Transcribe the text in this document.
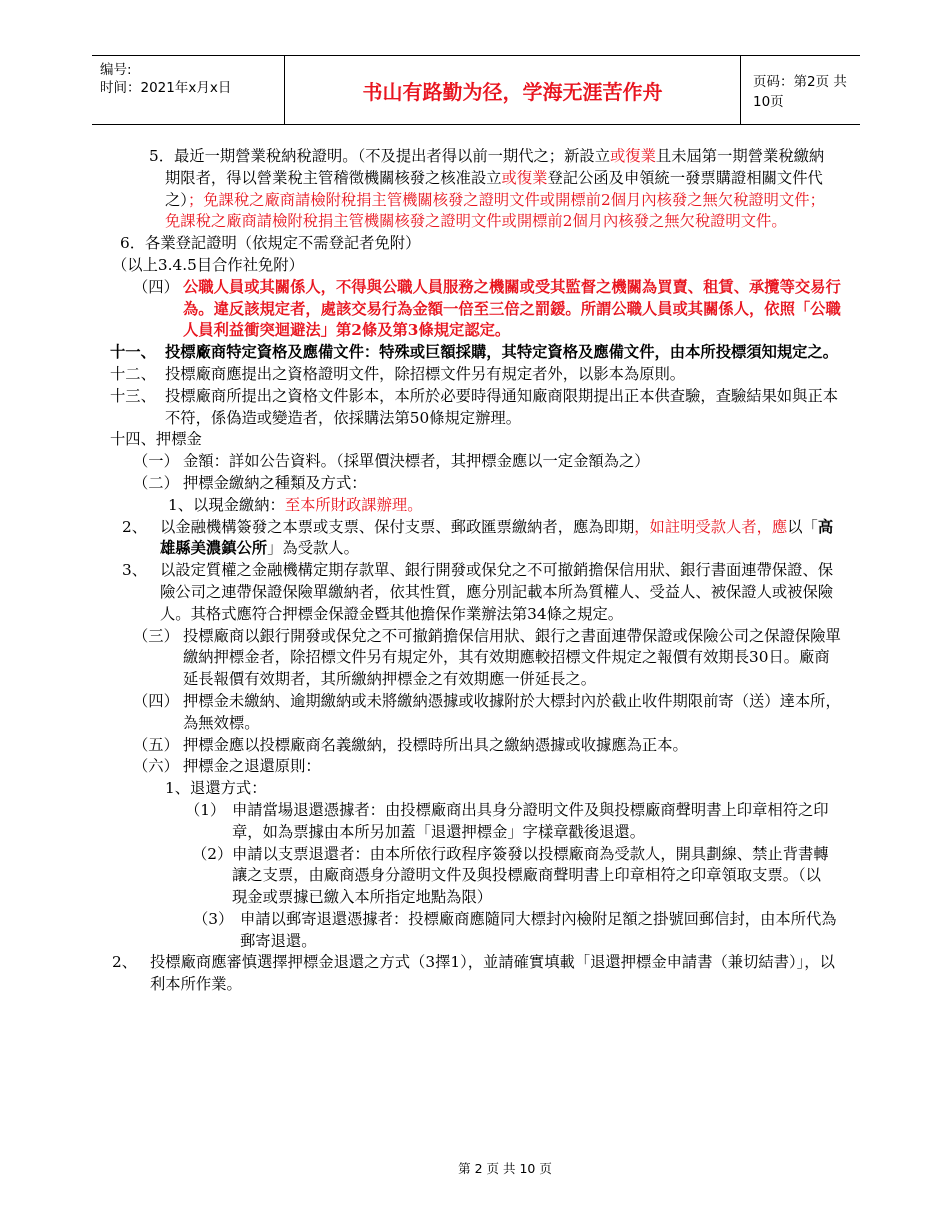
编号:
时间：2021年x月x日	书山有路勤为径，学海无涯苦作舟	页码：第2页 共10页

5．最近一期營業稅納稅證明。（不及提出者得以前一期代之；新設立或復業且未屆第一期營業稅繳納期限者，得以營業稅主管稽徵機關核發之核准設立或復業登記公函及申領統一發票購證相關文件代之）；免課稅之廠商請檢附稅捐主管機關核發之證明文件或開標前2個月內核發之無欠稅證明文件；免課稅之廠商請檢附稅捐主管機關核發之證明文件或開標前2個月內核發之無欠稅證明文件。

6．各業登記證明（依規定不需登記者免附）

（以上3.4.5目合作社免附）

（四） 公職人員或其關係人，不得與公職人員服務之機關或受其監督之機關為買賣、租賃、承攬等交易行為。違反該規定者，處該交易行為金額一倍至三倍之罰鍰。所謂公職人員或其關係人，依照「公職人員利益衝突迴避法」第2條及第3條規定認定。

十一、 投標廠商特定資格及應備文件：特殊或巨額採購，其特定資格及應備文件，由本所投標須知規定之。

十二、 投標廠商應提出之資格證明文件，除招標文件另有規定者外，以影本為原則。

十三、 投標廠商所提出之資格文件影本，本所於必要時得通知廠商限期提出正本供查驗，查驗結果如與正本不符，係偽造或變造者，依採購法第50條規定辦理。

十四、押標金

（一） 金額：詳如公告資料。（採單價決標者，其押標金應以一定金額為之）

（二） 押標金繳納之種類及方式：

1、以現金繳納：至本所財政課辦理。

2、 以金融機構簽發之本票或支票、保付支票、郵政匯票繳納者，應為即期，如註明受款人者，應以「高雄縣美濃鎮公所」為受款人。

3、 以設定質權之金融機構定期存款單、銀行開發或保兌之不可撤銷擔保信用狀、銀行書面連帶保證、保險公司之連帶保證保險單繳納者，依其性質，應分別記載本所為質權人、受益人、被保證人或被保險人。其格式應符合押標金保證金暨其他擔保作業辦法第34條之規定。

（三） 投標廠商以銀行開發或保兌之不可撤銷擔保信用狀、銀行之書面連帶保證或保險公司之保證保險單繳納押標金者，除招標文件另有規定外，其有效期應較招標文件規定之報價有效期長30日。廠商延長報價有效期者，其所繳納押標金之有效期應一併延長之。

（四） 押標金未繳納、逾期繳納或未將繳納憑據或收據附於大標封內於截止收件期限前寄（送）達本所，為無效標。

（五） 押標金應以投標廠商名義繳納，投標時所出具之繳納憑據或收據應為正本。

（六） 押標金之退還原則：

1、退還方式：

（1） 申請當場退還憑據者：由投標廠商出具身分證明文件及與投標廠商聲明書上印章相符之印章，如為票據由本所另加蓋「退還押標金」字樣章戳後退還。

（2） 申請以支票退還者：由本所依行政程序簽發以投標廠商為受款人，開具劃線、禁止背書轉讓之支票，由廠商憑身分證明文件及與投標廠商聲明書上印章相符之印章領取支票。（以現金或票據已繳入本所指定地點為限）

（3） 申請以郵寄退還憑據者：投標廠商應隨同大標封內檢附足額之掛號回郵信封，由本所代為郵寄退還。

2、 投標廠商應審慎選擇押標金退還之方式（3擇1），並請確實填載「退還押標金申請書（兼切結書）」，以利本所作業。

第 2 页 共 10 页
